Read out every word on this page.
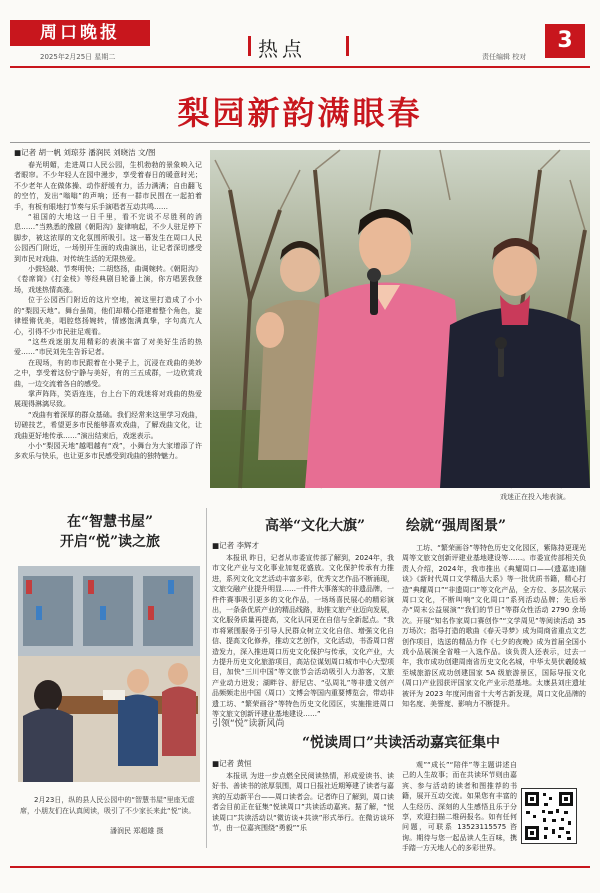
周口晚报
2025年2月25日 星期二	热点	责任编辑 校对
3
梨园新韵满眼春
■记者 胡一帆 刘琼芬 潘润民 刘晓洁 文/图

春光明媚，走进周口人民公园，生机勃勃的景象映入记者眼帘。不少年轻人在园中漫步，享受着春日的暖意时光；不少老年人在做体操、动作舒缓有力，活力满满；自由翻飞的空竹，发出“嗡嗡”的声响；还有一群市民围在一起拍着手，有板有眼地打节奏与乐手演唱者互动共鸣……

“祖国的大地这一日千里，看不完说不尽胜利的消息……”当熟悉的豫剧《朝阳沟》旋律响起，不少人驻足停下脚步，被这浓厚的文化氛围所吸引。这一幕发生在周口人民公园西门附近，一场别开生面的戏曲演出，让记者深切感受到市民对戏曲、对传统生活的无限热爱。

小鼓轻敲、节奏明快；二胡悠扬，曲调婉转。《朝阳沟》《卷席筒》《打金枝》等经典剧目轮番上演，你方唱罢我登场，戏迷热情高涨。

位于公园西门附近的这片空地，被这里打造成了小小的“梨园天地”。舞台虽简，他们却精心搭建着整个角色，旋律铿锵优美，唱腔悠扬婉转，情感饱满真挚，字句高亢人心，引得不少市民驻足观看。

“这些戏迷朋友用精彩的表演丰富了对美好生活的热爱……”市民刘先生告诉记者。

在现场，有的市民跟着在小凳子上，沉浸在戏曲的美妙之中，享受着这份宁静与美好，有的三五成群，一边欣赏戏曲，一边交流着各自的感受。

掌声阵阵，笑语连连，台上台下的戏迷将对戏曲的热爱展现得淋漓尽致。

“戏曲有着深厚的群众基础。我们经常来这里学习戏曲，切磋技艺，希望更多市民能够喜欢戏曲，了解戏曲文化，让戏曲更好地传承……”演出结束后，戏迷表示。

小小“梨园天地”越唱越有“戏”，小舞台为大家增添了许多欢乐与快乐，也让更多市民感受到戏曲的独特魅力。

戏迷正在投入地表演。
在“智慧书屋”
开启“悦”读之旅
2月23日，纵的县人民公园中的“智慧书屋”里座无虚席，小朋友们在认真阅读，吸引了不少家长来此“悦”读。
潘润民 郑超雄 摄
高举“文化大旗”	绘就“强周图景”
■记者 李辉才

本报讯 昨日，记者从市委宣传部了解到，2024年，我市文化产业与文化事业加复花盛放。文化保护传承有力推进，系列文化文艺活动丰富多彩，优秀文艺作品不断涌现，文旅交融产业提升明显……一件件大事落实的非遗品牌，一件件赛事吸引更多的文化作品，一场场喜民展心的精彩演出，一条条优质产业的精品线路，助推文旅产业迈向发展，文化服务质量再提高，文化认同更在自信与全新起点。“我市将紧围服务于引导人民群众树立文化自信、增强文化自信、提高文化修养，推动文艺创作，文化活动，书香周口营造发力，深入推进周口历史文化保护与传承，文化产业，大力提升历史文化旅游项目，高站位谋划周口城市中心大型项目，加快“三川中国”等文旅节会活动吸引人力游客，文旅产业动力迸发；湖畔谷、舒尼店、“弘周礼”等非遗文创产品频频走出中国（周口）文博会等国内重要博览会，带动非遗工坊、“繁荣画谷”等特色历史文化园区，实施推进周口等文旅文创新评建业基地建设……”

工坊、“繁荣画谷”等特色历史文化园区，紫陈持更现光周等文旅文创新评建业基地建设等……。市委宣传部相关负责人介绍，2024年，我市推出《典耀周口——(遗嘉迹)随谈》《新时代周口文学精品大系》等一批优质书籍，精心打造“典耀周口”“非遗周口”等文化产品，全方位、多层次展示周口文化，不断叫响“文化周口”系列活动品牌；先后举办“周末公益展演”“我们的节日”等群众性活动 2790 余场次。开展“知名作家周口赛创作”“文学周见”等阅读活动 35 万场次；指导打造的歌曲《春天寻梦》成为周商省重点文艺创作项目，选送的精品力作《七夕的夜晚》成为首届全国小戏小品展演全省唯一入选作品。该负责人还表示，过去一年，我市成功创建周南省历史文化名城，中华太昊伏羲陵城至城旅游区成功创建国家 5A 级旅游景区，国际导报文化(周口)产业园获评国家文化产业示范基地。太康县刘庄遗址被评为 2023 年度河南省十大考古新发现，周口文化品牌的知名度、美誉度、影响力不断提升。

引领“悦”读新风尚
“悦读周口”共读活动嘉宾征集中
■记者 黄恒

本报讯 为进一步点燃全民阅读热情，形成爱读书、读好书、善读书的浓厚氛围，周口日报社近期筹建了读者与嘉宾的互动新平台——周口读者会。记者昨日了解到，周口读者会目前正在征集“悦读周口”共读活动嘉宾。据了解，“悦读周口”共读活动以“微访谈+共读”形式举行。在微访谈环节，由一位嘉宾围绕“勇毅”“乐

观”“成长”“陪伴”等主题讲述自己的人生故事；而在共读环节则由嘉宾、参与活动的读者和图推荐的书籍，展开互动交流。如果您有丰富的人生经历、深刻的人生感悟且乐于分享，欢迎扫描二维码报名。如有任何问题，可联系 13523115575 咨询。期待与您一起品读人生百味，携手踏一方天地人心的多彩世界。
